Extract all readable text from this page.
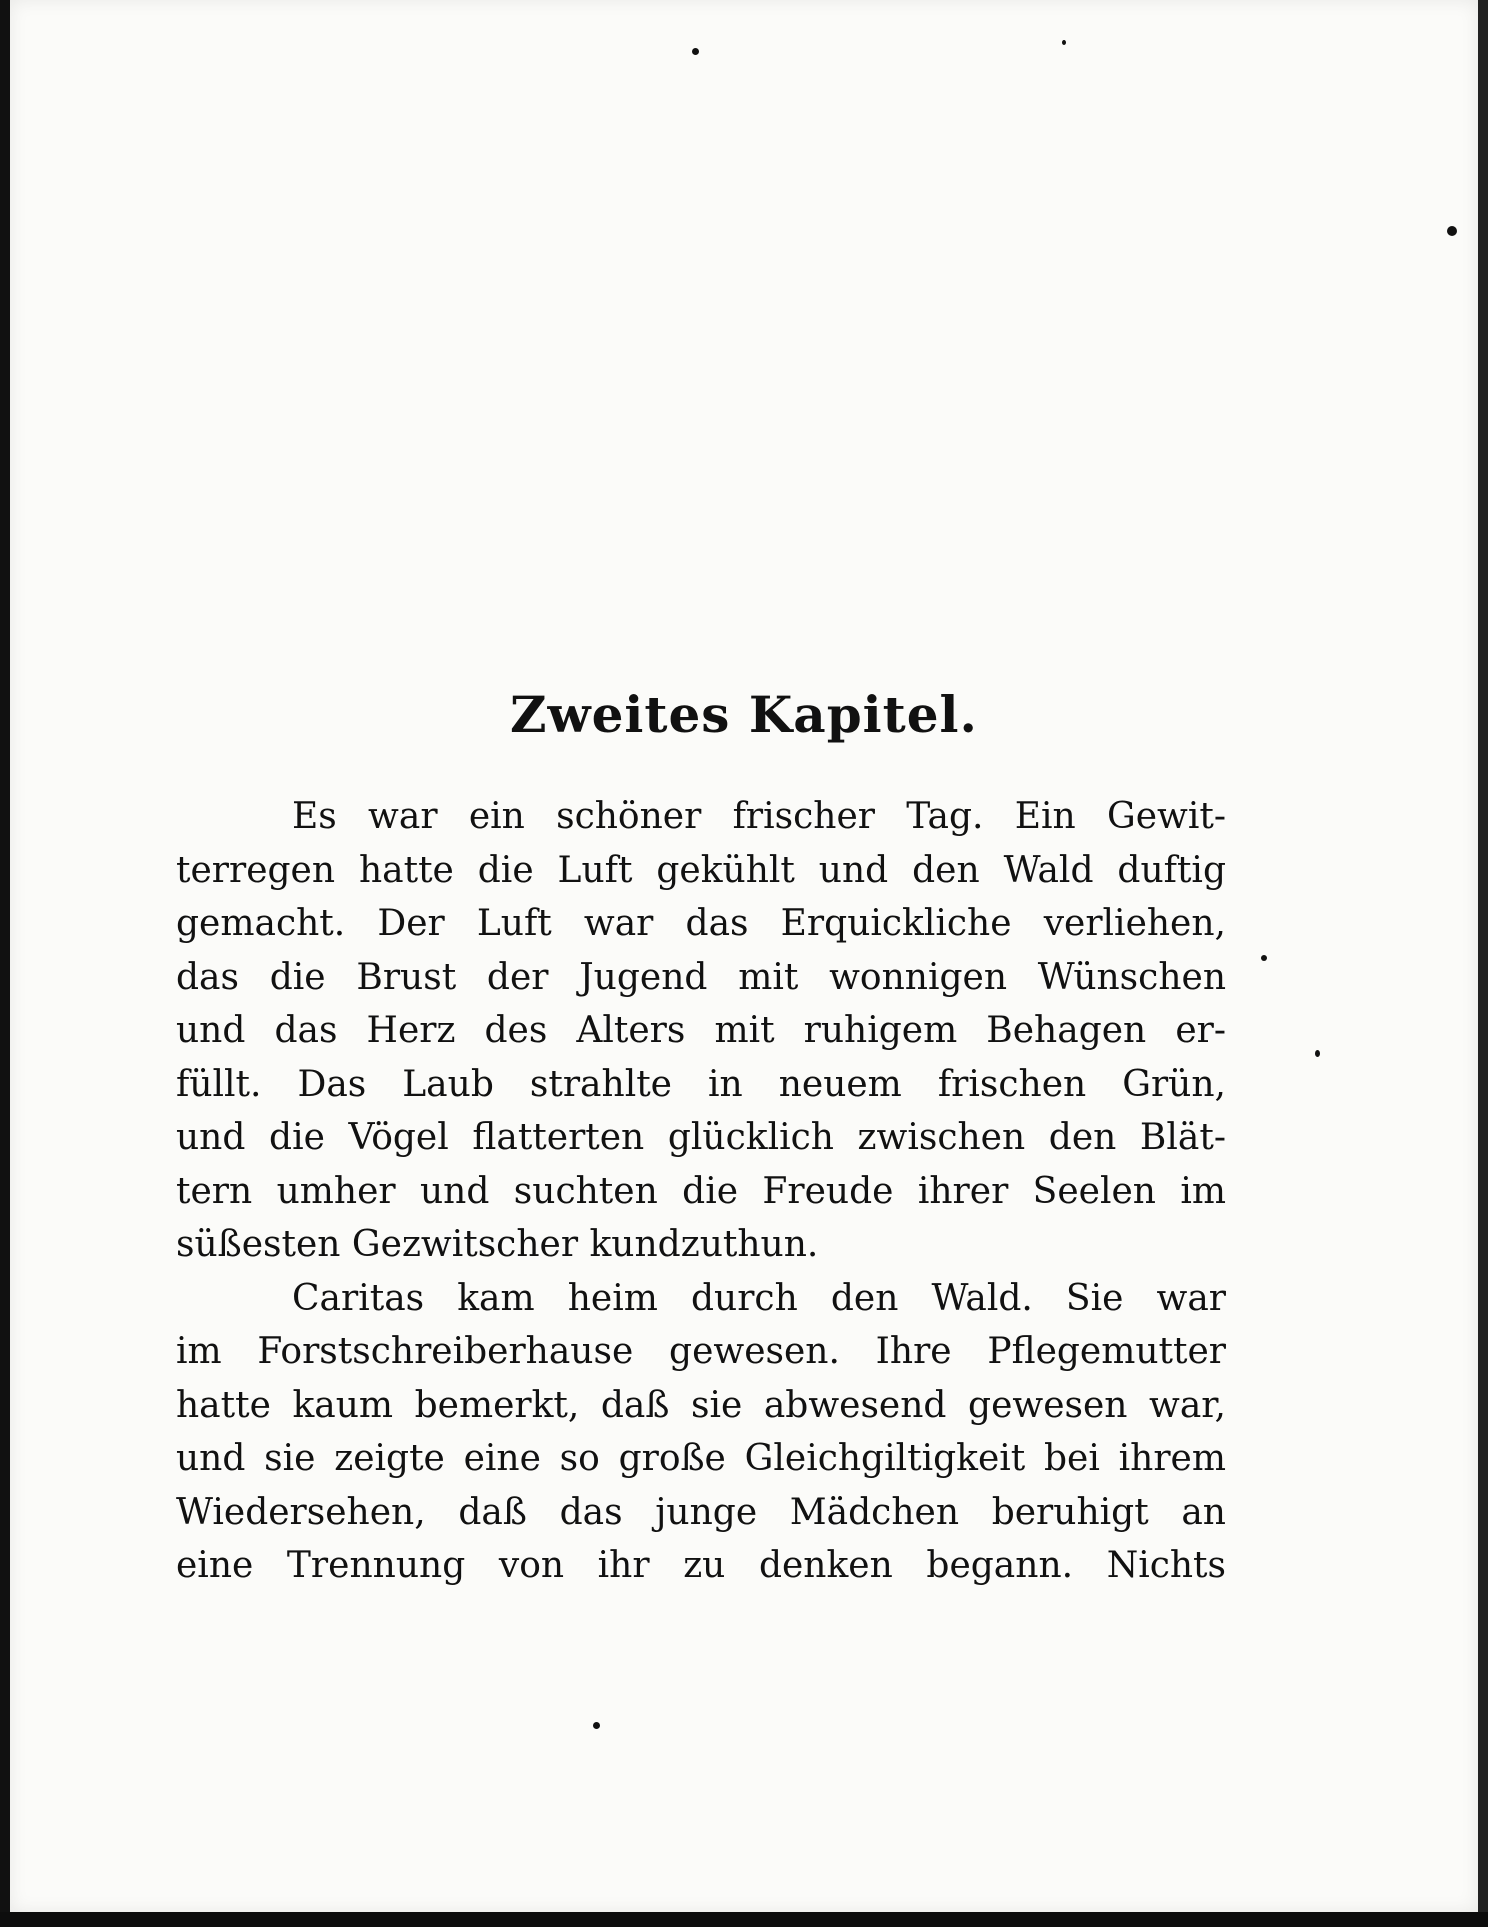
Zweites Kapitel.
Es war ein schöner frischer Tag. Ein Gewit-
terregen hatte die Luft gekühlt und den Wald duftig
gemacht. Der Luft war das Erquickliche verliehen,
das die Brust der Jugend mit wonnigen Wünschen
und das Herz des Alters mit ruhigem Behagen er-
füllt. Das Laub strahlte in neuem frischen Grün,
und die Vögel flatterten glücklich zwischen den Blät-
tern umher und suchten die Freude ihrer Seelen im
süßesten Gezwitscher kundzuthun.
Caritas kam heim durch den Wald. Sie war
im Forstschreiberhause gewesen. Ihre Pflegemutter
hatte kaum bemerkt, daß sie abwesend gewesen war,
und sie zeigte eine so große Gleichgiltigkeit bei ihrem
Wiedersehen, daß das junge Mädchen beruhigt an
eine Trennung von ihr zu denken begann. Nichts
